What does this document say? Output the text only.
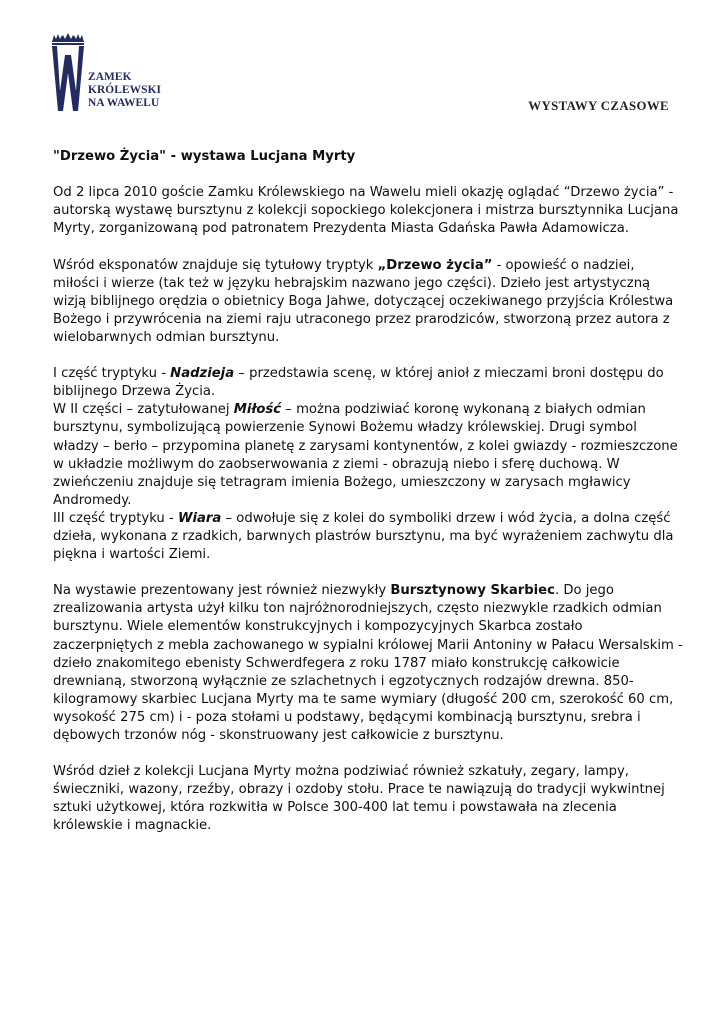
ZAMEK
KRÓLEWSKI
NA WAWELU	WYSTAWY CZASOWE
"Drzewo Życia" - wystawa Lucjana Myrty

Od 2 lipca 2010 goście Zamku Królewskiego na Wawelu mieli okazję oglądać “Drzewo życia” - autorską wystawę bursztynu z kolekcji sopockiego kolekcjonera i mistrza bursztynnika Lucjana Myrty, zorganizowaną pod patronatem Prezydenta Miasta Gdańska Pawła Adamowicza.

Wśród eksponatów znajduje się tytułowy tryptyk „Drzewo życia” - opowieść o nadziei, miłości i wierze (tak też w języku hebrajskim nazwano jego części). Dzieło jest artystyczną wizją biblijnego orędzia o obietnicy Boga Jahwe, dotyczącej oczekiwanego przyjścia Królestwa Bożego i przywrócenia na ziemi raju utraconego przez prarodziców, stworzoną przez autora z wielobarwnych odmian bursztynu.

I część tryptyku - Nadzieja – przedstawia scenę, w której anioł z mieczami broni dostępu do biblijnego Drzewa Życia.

W II części – zatytułowanej Miłość – można podziwiać koronę wykonaną z białych odmian bursztynu, symbolizującą powierzenie Synowi Bożemu władzy królewskiej. Drugi symbol władzy – berło – przypomina planetę z zarysami kontynentów, z kolei gwiazdy - rozmieszczone w układzie możliwym do zaobserwowania z ziemi - obrazują niebo i sferę duchową. W zwieńczeniu znajduje się tetragram imienia Bożego, umieszczony w zarysach mgławicy Andromedy.

III część tryptyku - Wiara – odwołuje się z kolei do symboliki drzew i wód życia, a dolna część dzieła, wykonana z rzadkich, barwnych plastrów bursztynu, ma być wyrażeniem zachwytu dla piękna i wartości Ziemi.

Na wystawie prezentowany jest również niezwykły Bursztynowy Skarbiec. Do jego zrealizowania artysta użył kilku ton najróżnorodniejszych, często niezwykle rzadkich odmian bursztynu. Wiele elementów konstrukcyjnych i kompozycyjnych Skarbca zostało zaczerpniętych z mebla zachowanego w sypialni królowej Marii Antoniny w Pałacu Wersalskim - dzieło znakomitego ebenisty Schwerdfegera z roku 1787 miało konstrukcję całkowicie drewnianą, stworzoną wyłącznie ze szlachetnych i egzotycznych rodzajów drewna. 850-kilogramowy skarbiec Lucjana Myrty ma te same wymiary (długość 200 cm, szerokość 60 cm, wysokość 275 cm) i - poza stołami u podstawy, będącymi kombinacją bursztynu, srebra i dębowych trzonów nóg - skonstruowany jest całkowicie z bursztynu.

Wśród dzieł z kolekcji Lucjana Myrty można podziwiać również szkatuły, zegary, lampy, świeczniki, wazony, rzeźby, obrazy i ozdoby stołu. Prace te nawiązują do tradycji wykwintnej sztuki użytkowej, która rozkwitła w Polsce 300-400 lat temu i powstawała na zlecenia królewskie i magnackie.
